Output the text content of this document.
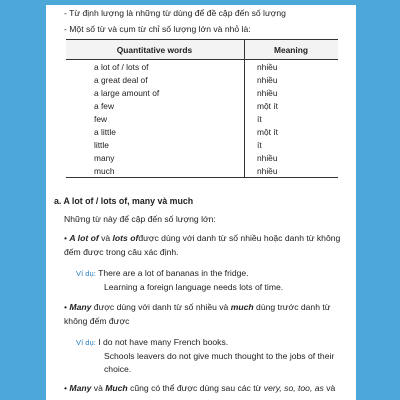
- Từ định lượng là những từ dùng để đề cập đến số lượng
- Một số từ và cụm từ chỉ số lượng lớn và nhỏ là:
Quantitative words	Meaning
a lot of / lots of	nhiều
a great deal of	nhiều
a large amount of	nhiều
a few	một ít
few	ít
a little	một ít
little	ít
many	nhiều
much	nhiều
a. A lot of / lots of, many và much
Những từ này để cập đến số lượng lớn:
• A lot of và lots ofđược dùng với danh từ số nhiều hoặc danh từ không
đếm được trong câu xác định.
Ví dụ: There are a lot of bananas in the fridge.
Learning a foreign language needs lots of time.
• Many được dùng với danh từ số nhiều và much dùng trước danh từ
không đếm được
Ví dụ: I do not have many French books.
Schools leavers do not give much thought to the jobs of their
choice.
• Many và Much cũng có thể được dùng sau các từ very, so, too, as và
